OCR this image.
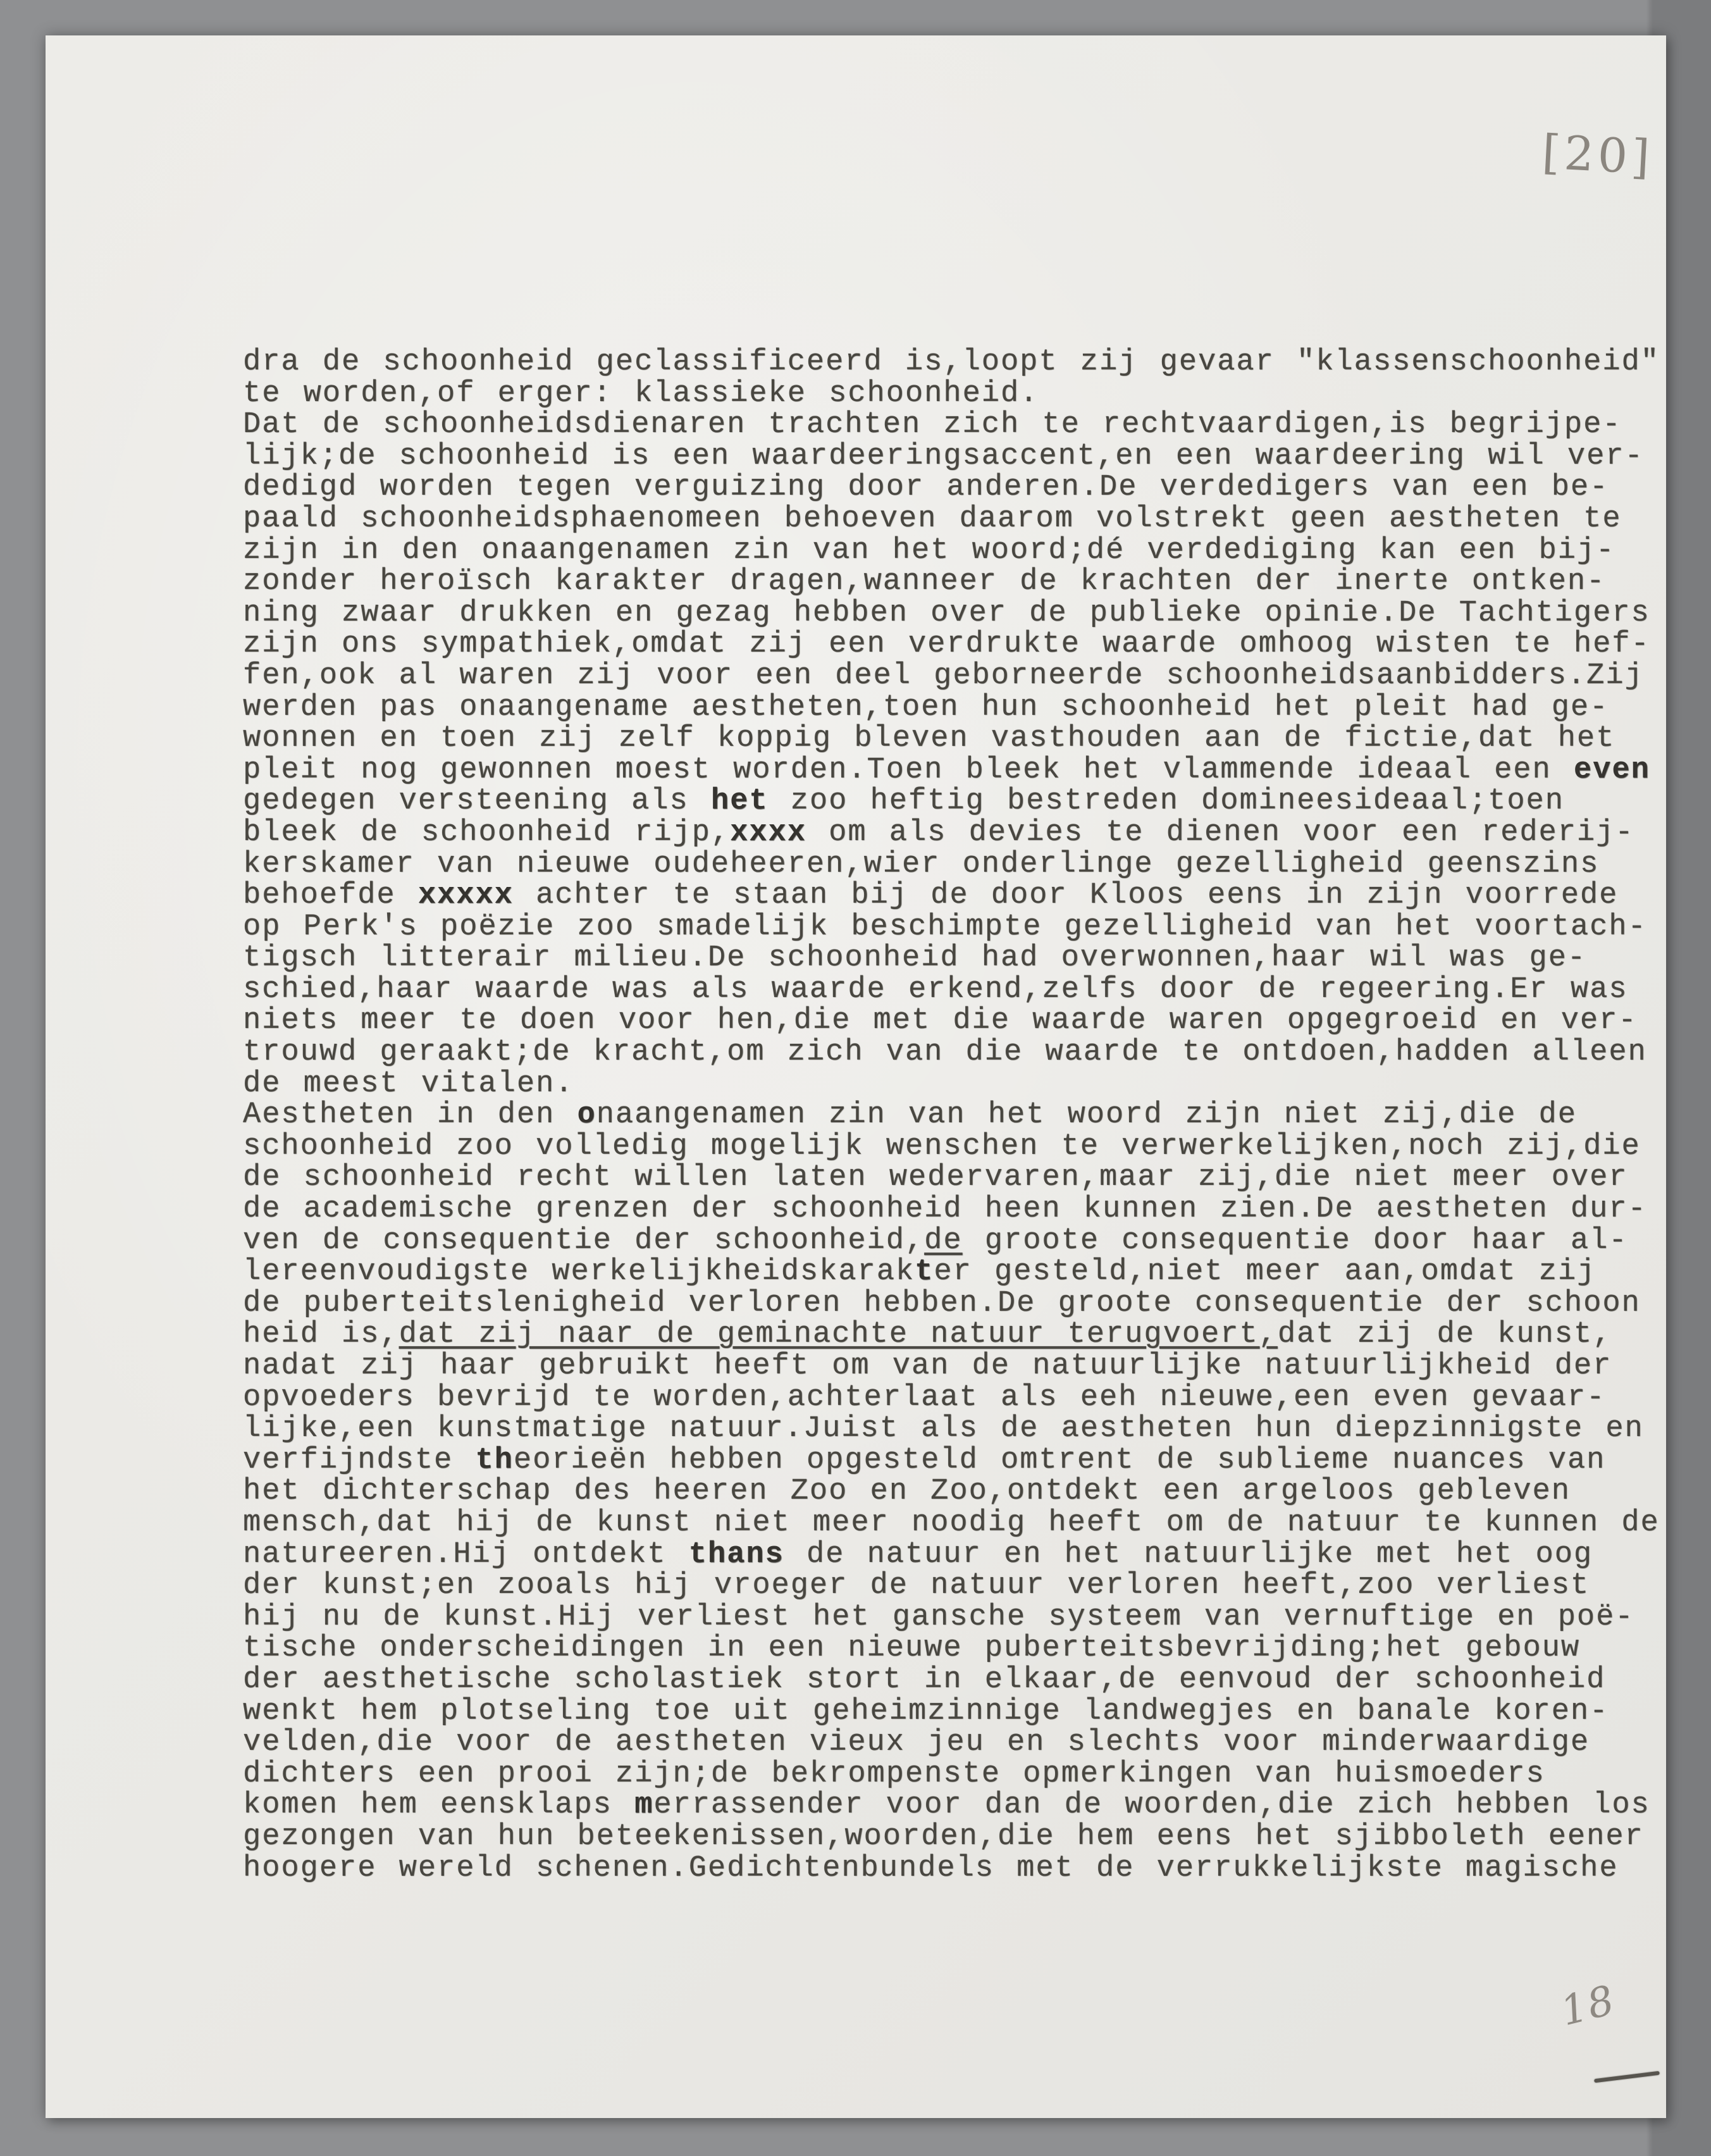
[20]
dra de schoonheid geclassificeerd is,loopt zij gevaar "klassenschoonheid"
te worden,of erger: klassieke schoonheid.
Dat de schoonheidsdienaren trachten zich te rechtvaardigen,is begrijpe-
lijk;de schoonheid is een waardeeringsaccent,en een waardeering wil ver-
dedigd worden tegen verguizing door anderen.De verdedigers van een be-
paald schoonheidsphaenomeen behoeven daarom volstrekt geen aestheten te
zijn in den onaangenamen zin van het woord;dé verdediging kan een bij-
zonder heroïsch karakter dragen,wanneer de krachten der inerte ontken-
ning zwaar drukken en gezag hebben over de publieke opinie.De Tachtigers
zijn ons sympathiek,omdat zij een verdrukte waarde omhoog wisten te hef-
fen,ook al waren zij voor een deel geborneerde schoonheidsaanbidders.Zij
werden pas onaangename aestheten,toen hun schoonheid het pleit had ge-
wonnen en toen zij zelf koppig bleven vasthouden aan de fictie,dat het
pleit nog gewonnen moest worden.Toen bleek het vlammende ideaal een even
gedegen versteening als het zoo heftig bestreden domineesideaal;toen
bleek de schoonheid rijp,xxxx om als devies te dienen voor een rederij-
kerskamer van nieuwe oudeheeren,wier onderlinge gezelligheid geenszins
behoefde xxxxx achter te staan bij de door Kloos eens in zijn voorrede
op Perk's poëzie zoo smadelijk beschimpte gezelligheid van het voortach-
tigsch litterair milieu.De schoonheid had overwonnen,haar wil was ge-
schied,haar waarde was als waarde erkend,zelfs door de regeering.Er was
niets meer te doen voor hen,die met die waarde waren opgegroeid en ver-
trouwd geraakt;de kracht,om zich van die waarde te ontdoen,hadden alleen
de meest vitalen.
Aestheten in den onaangenamen zin van het woord zijn niet zij,die de
schoonheid zoo volledig mogelijk wenschen te verwerkelijken,noch zij,die
de schoonheid recht willen laten wedervaren,maar zij,die niet meer over
de academische grenzen der schoonheid heen kunnen zien.De aestheten dur-
ven de consequentie der schoonheid,de groote consequentie door haar al-
lereenvoudigste werkelijkheidskarakter gesteld,niet meer aan,omdat zij
de puberteitslenigheid verloren hebben.De groote consequentie der schoon
heid is,dat zij naar de geminachte natuur terugvoert,dat zij de kunst,
nadat zij haar gebruikt heeft om van de natuurlijke natuurlijkheid der
opvoeders bevrijd te worden,achterlaat als eeh nieuwe,een even gevaar-
lijke,een kunstmatige natuur.Juist als de aestheten hun diepzinnigste en
verfijndste theorieën hebben opgesteld omtrent de sublieme nuances van
het dichterschap des heeren Zoo en Zoo,ontdekt een argeloos gebleven
mensch,dat hij de kunst niet meer noodig heeft om de natuur te kunnen de
natureeren.Hij ontdekt thans de natuur en het natuurlijke met het oog
der kunst;en zooals hij vroeger de natuur verloren heeft,zoo verliest
hij nu de kunst.Hij verliest het gansche systeem van vernuftige en poë-
tische onderscheidingen in een nieuwe puberteitsbevrijding;het gebouw
der aesthetische scholastiek stort in elkaar,de eenvoud der schoonheid
wenkt hem plotseling toe uit geheimzinnige landwegjes en banale koren-
velden,die voor de aestheten vieux jeu en slechts voor minderwaardige
dichters een prooi zijn;de bekrompenste opmerkingen van huismoeders
komen hem eensklaps merrassender voor dan de woorden,die zich hebben los
gezongen van hun beteekenissen,woorden,die hem eens het sjibboleth eener
hoogere wereld schenen.Gedichtenbundels met de verrukkelijkste magische
18
